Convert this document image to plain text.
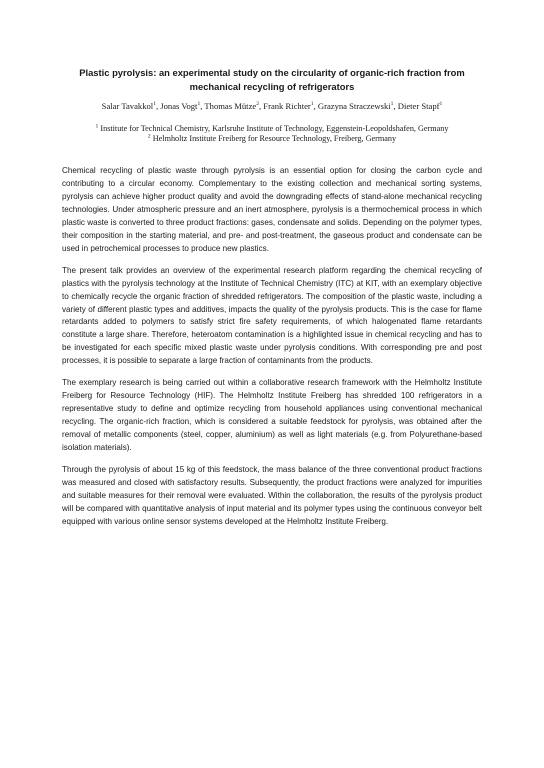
Plastic pyrolysis: an experimental study on the circularity of organic-rich fraction from mechanical recycling of refrigerators
Salar Tavakkol$^1$, Jonas Vogt$^1$, Thomas Mütze$^2$, Frank Richter$^1$, Grazyna Straczewski$^1$, Dieter Stapf$^1$
$^1$ Institute for Technical Chemistry, Karlsruhe Institute of Technology, Eggenstein-Leopoldshafen, Germany
$^2$ Helmholtz Institute Freiberg for Resource Technology, Freiberg, Germany

Chemical recycling of plastic waste through pyrolysis is an essential option for closing the carbon cycle and contributing to a circular economy. Complementary to the existing collection and mechanical sorting systems, pyrolysis can achieve higher product quality and avoid the downgrading effects of stand-alone mechanical recycling technologies. Under atmospheric pressure and an inert atmosphere, pyrolysis is a thermochemical process in which plastic waste is converted to three product fractions: gases, condensate and solids. Depending on the polymer types, their composition in the starting material, and pre- and post-treatment, the gaseous product and condensate can be used in petrochemical processes to produce new plastics.

The present talk provides an overview of the experimental research platform regarding the chemical recycling of plastics with the pyrolysis technology at the Institute of Technical Chemistry (ITC) at KIT, with an exemplary objective to chemically recycle the organic fraction of shredded refrigerators. The composition of the plastic waste, including a variety of different plastic types and additives, impacts the quality of the pyrolysis products. This is the case for flame retardants added to polymers to satisfy strict fire safety requirements, of which halogenated flame retardants constitute a large share. Therefore, heteroatom contamination is a highlighted issue in chemical recycling and has to be investigated for each specific mixed plastic waste under pyrolysis conditions. With corresponding pre and post processes, it is possible to separate a large fraction of contaminants from the products.

The exemplary research is being carried out within a collaborative research framework with the Helmholtz Institute Freiberg for Resource Technology (HIF). The Helmholtz Institute Freiberg has shredded 100 refrigerators in a representative study to define and optimize recycling from household appliances using conventional mechanical recycling. The organic-rich fraction, which is considered a suitable feedstock for pyrolysis, was obtained after the removal of metallic components (steel, copper, aluminium) as well as light materials (e.g. from Polyurethane-based isolation materials).

Through the pyrolysis of about 15 kg of this feedstock, the mass balance of the three conventional product fractions was measured and closed with satisfactory results. Subsequently, the product fractions were analyzed for impurities and suitable measures for their removal were evaluated. Within the collaboration, the results of the pyrolysis product will be compared with quantitative analysis of input material and its polymer types using the continuous conveyor belt equipped with various online sensor systems developed at the Helmholtz Institute Freiberg.
